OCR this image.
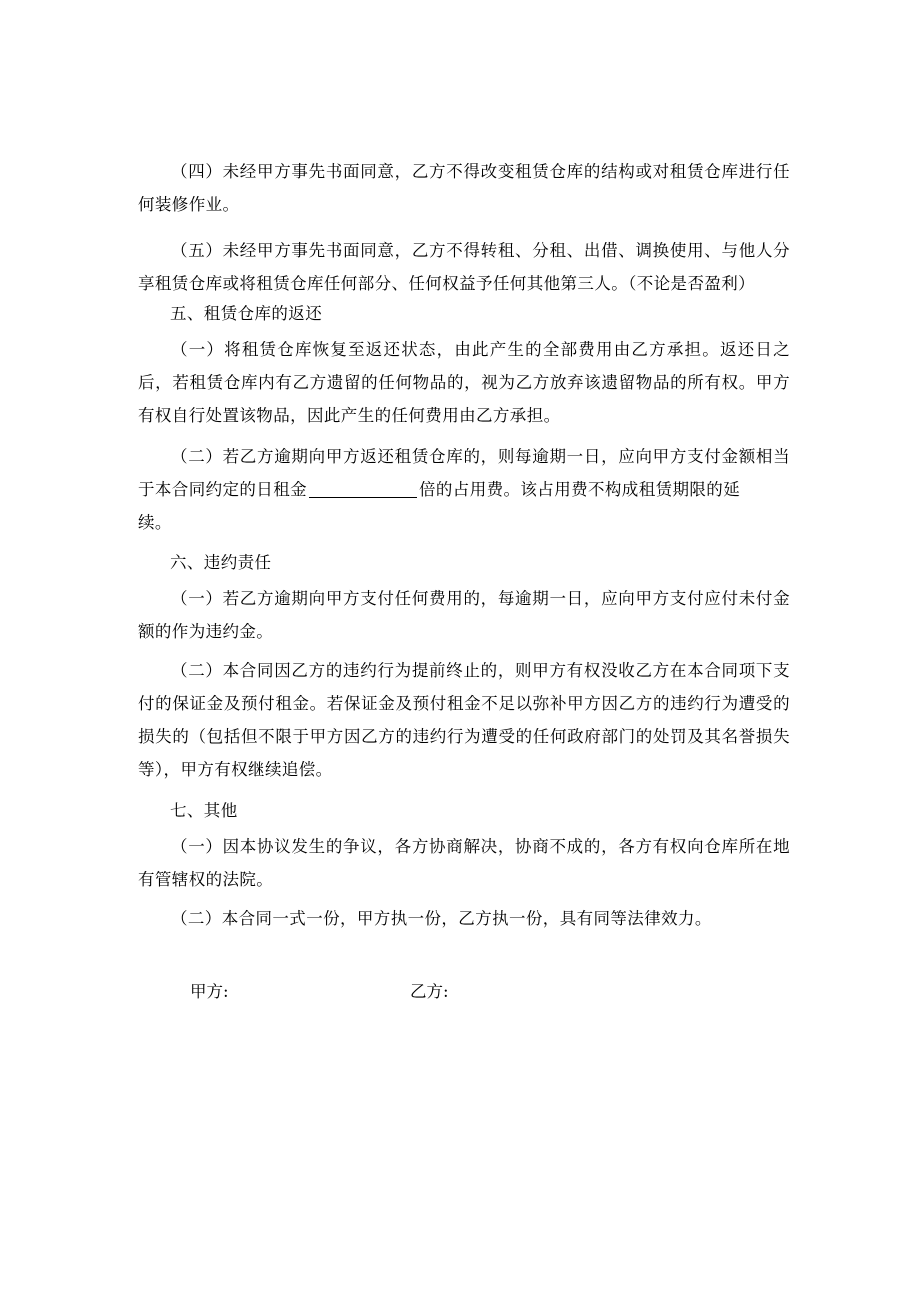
（四）未经甲方事先书面同意，乙方不得改变租赁仓库的结构或对租赁仓库进行任何装修作业。

（五）未经甲方事先书面同意，乙方不得转租、分租、出借、调换使用、与他人分享租赁仓库或将租赁仓库任何部分、任何权益予任何其他第三人。（不论是否盈利）

五、租赁仓库的返还

（一）将租赁仓库恢复至返还状态，由此产生的全部费用由乙方承担。返还日之后，若租赁仓库内有乙方遗留的任何物品的，视为乙方放弃该遗留物品的所有权。甲方有权自行处置该物品，因此产生的任何费用由乙方承担。

（二）若乙方逾期向甲方返还租赁仓库的，则每逾期一日，应向甲方支付金额相当于本合同约定的日租金	倍的占用费。该占用费不构成租赁期限的延
续。

六、违约责任

（一）若乙方逾期向甲方支付任何费用的，每逾期一日，应向甲方支付应付未付金额的作为违约金。

（二）本合同因乙方的违约行为提前终止的，则甲方有权没收乙方在本合同项下支付的保证金及预付租金。若保证金及预付租金不足以弥补甲方因乙方的违约行为遭受的损失的（包括但不限于甲方因乙方的违约行为遭受的任何政府部门的处罚及其名誉损失等），甲方有权继续追偿。

七、其他

（一）因本协议发生的争议，各方协商解决，协商不成的，各方有权向仓库所在地有管辖权的法院。

（二）本合同一式一份，甲方执一份，乙方执一份，具有同等法律效力。

甲方:	乙方:
